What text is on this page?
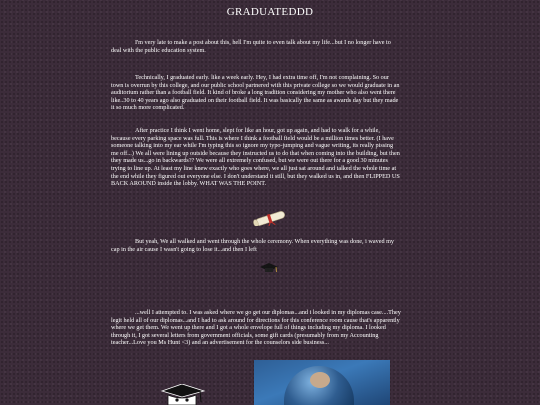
GRADUATEDDD

I'm very late to make a post about this, hell I'm quite to even talk about my life...but I no longer have to deal with the public education system.

Technically, I graduated early. like a week early. Hey, I had extra time off, I'm not complaining. So our town is overrun by this college, and our public school partnered with this private college so we would graduate in an auditorium rather than a football field. It kind of broke a long tradition considering my mother who also went there like..30 to 40 years ago also graduated on their football field. It was basically the same as awards day but they made it so much more complicated.

After practice I think I went home, slept for like an hour, got up again, and had to walk for a while, because every parking space was full. This is where I think a football field would be a million times better. (I have someone talking into my ear while I'm typing this so ignore my typo-jumping and vague writing, its really pissing me off...) We all were lining up outside because they instructed us to do that when coming into the building, but then they made us...go in backwards?? We were all extremely confused, but we were out there for a good 30 minutes trying to line up. At least my line knew exactly who goes where, we all just sat around and talked the whole time at the end while they figured out everyone else. I don't understand it still, but they walked us in, and then FLIPPED US BACK AROUND inside the lobby. WHAT WAS THE POINT.

But yeah, We all walked and went through the whole ceremony. When everything was done, i waved my cap in the air cause I wasn't going to lose it...and then I left

...well I attempted to. I was asked where we go get our diplomas...and i looked in my diplomas case....They legit held all of our diplomas...and I had to ask around for directions for this conference room cause that's apparently where we get them. We went up there and I got a whole envelope full of things including my diploma. I looked through it, I got several letters from government officials, some gift cards (presumably from my Accounting teacher...Love you Ms Hunt <3) and an advertisement for the counselors side business...
